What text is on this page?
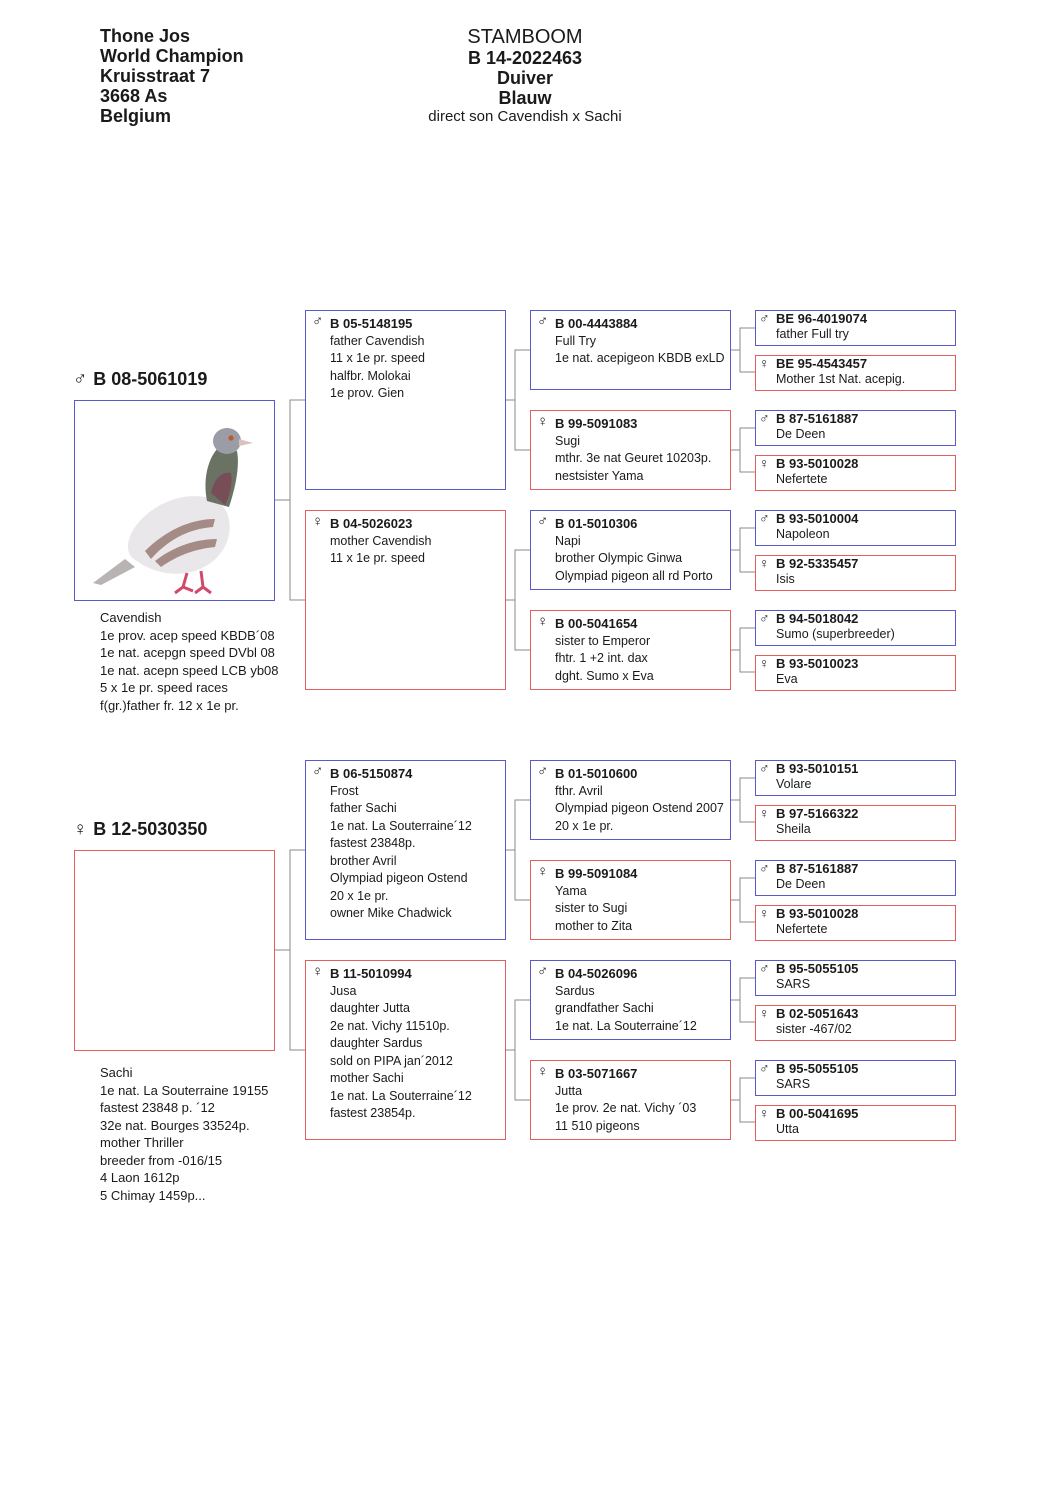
Thone Jos
World Champion
Kruisstraat 7
3668 As
Belgium
STAMBOOM
B 14-2022463
Duiver
Blauw
direct son Cavendish x Sachi
♂ B 08-5061019
Cavendish
1e prov. acep speed KBDB´08
1e nat. acepgn speed DVbl 08
1e nat. acepn speed LCB yb08
5 x 1e pr. speed races
f(gr.)father fr. 12 x 1e pr.
♀ B 12-5030350
Sachi
1e nat. La Souterraine 19155
fastest 23848 p. ´12
32e nat. Bourges 33524p.
mother Thriller
breeder from -016/15
4 Laon 1612p
5 Chimay 1459p...
♂ B 05-5148195
father Cavendish
11 x 1e pr. speed
halfbr. Molokai
1e prov. Gien
♀ B 04-5026023
mother Cavendish
11 x 1e pr. speed
♂ B 06-5150874
Frost
father Sachi
1e nat. La Souterraine´12
fastest 23848p.
brother Avril
Olympiad pigeon Ostend
20 x 1e pr.
owner Mike Chadwick
♀ B 11-5010994
Jusa
daughter Jutta
2e nat. Vichy 11510p.
daughter Sardus
sold on PIPA jan´2012
mother Sachi
1e nat. La Souterraine´12
fastest 23854p.
♂ B 00-4443884
Full Try
1e nat. acepigeon KBDB exLD
♀ B 99-5091083
Sugi
mthr. 3e nat Geuret 10203p.
nestsister Yama
♂ B 01-5010306
Napi
brother Olympic Ginwa
Olympiad pigeon all rd Porto
♀ B 00-5041654
sister to Emperor
fhtr. 1 +2 int. dax
dght. Sumo x Eva
♂ B 01-5010600
fthr. Avril
Olympiad pigeon Ostend 2007
20 x 1e pr.
♀ B 99-5091084
Yama
sister to Sugi
mother to Zita
♂ B 04-5026096
Sardus
grandfather Sachi
1e nat. La Souterraine´12
♀ B 03-5071667
Jutta
1e prov. 2e nat. Vichy ´03
11 510 pigeons
♂ BE 96-4019074
father Full try
♀ BE 95-4543457
Mother 1st Nat. acepig.
♂ B 87-5161887
De Deen
♀ B 93-5010028
Nefertete
♂ B 93-5010004
Napoleon
♀ B 92-5335457
Isis
♂ B 94-5018042
Sumo (superbreeder)
♀ B 93-5010023
Eva
♂ B 93-5010151
Volare
♀ B 97-5166322
Sheila
♂ B 87-5161887
De Deen
♀ B 93-5010028
Nefertete
♂ B 95-5055105
SARS
♀ B 02-5051643
sister -467/02
♂ B 95-5055105
SARS
♀ B 00-5041695
Utta
